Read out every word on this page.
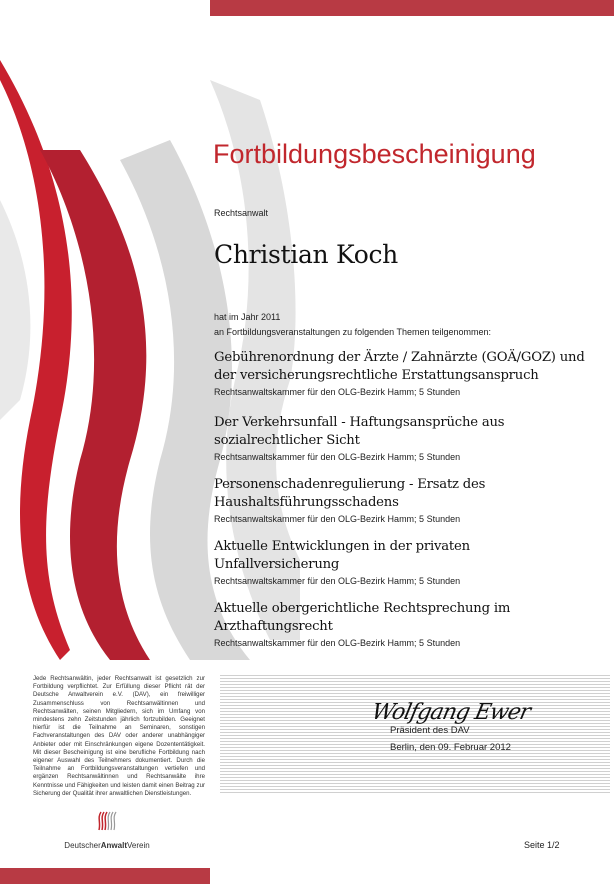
Fortbildungsbescheinigung
Rechtsanwalt
Christian Koch
hat im Jahr 2011
an Fortbildungsveranstaltungen zu folgenden Themen teilgenommen:
Gebührenordnung der Ärzte / Zahnärzte (GOÄ/GOZ) und der versicherungsrechtliche Erstattungsanspruch
Rechtsanwaltskammer für den OLG-Bezirk Hamm; 5 Stunden
Der Verkehrsunfall - Haftungsansprüche aus sozialrechtlicher Sicht
Rechtsanwaltskammer für den OLG-Bezirk Hamm; 5 Stunden
Personenschadenregulierung - Ersatz des Haushaltsführungsschadens
Rechtsanwaltskammer für den OLG-Bezirk Hamm; 5 Stunden
Aktuelle Entwicklungen in der privaten Unfallversicherung
Rechtsanwaltskammer für den OLG-Bezirk Hamm; 5 Stunden
Aktuelle obergerichtliche Rechtsprechung im Arzthaftungsrecht
Rechtsanwaltskammer für den OLG-Bezirk Hamm; 5 Stunden
Jede Rechtsanwältin, jeder Rechtsanwalt ist gesetzlich zur Fortbildung verpflichtet. Zur Erfüllung dieser Pflicht rät der Deutsche Anwaltverein e.V. (DAV), ein freiwilliger Zusammenschluss von Rechtsanwältinnen und Rechtsanwälten, seinen Mitgliedern, sich im Umfang von mindestens zehn Zeitstunden jährlich fortzubilden. Geeignet hierfür ist die Teilnahme an Seminaren, sonstigen Fachveranstaltungen des DAV oder anderer unabhängiger Anbieter oder mit Einschränkungen eigene Dozententätigkeit. Mit dieser Bescheinigung ist eine berufliche Fortbildung nach eigener Auswahl des Teilnehmers dokumentiert. Durch die Teilnahme an Fortbildungsveranstaltungen vertiefen und ergänzen Rechtsanwältinnen und Rechtsanwälte ihre Kenntnisse und Fähigkeiten und leisten damit einen Beitrag zur Sicherung der Qualität ihrer anwaltlichen Dienstleistungen.
Wolfgang Ewer
Präsident des DAV
Berlin, den 09. Februar 2012
DeutscherAnwaltVerein	Seite 1/2
